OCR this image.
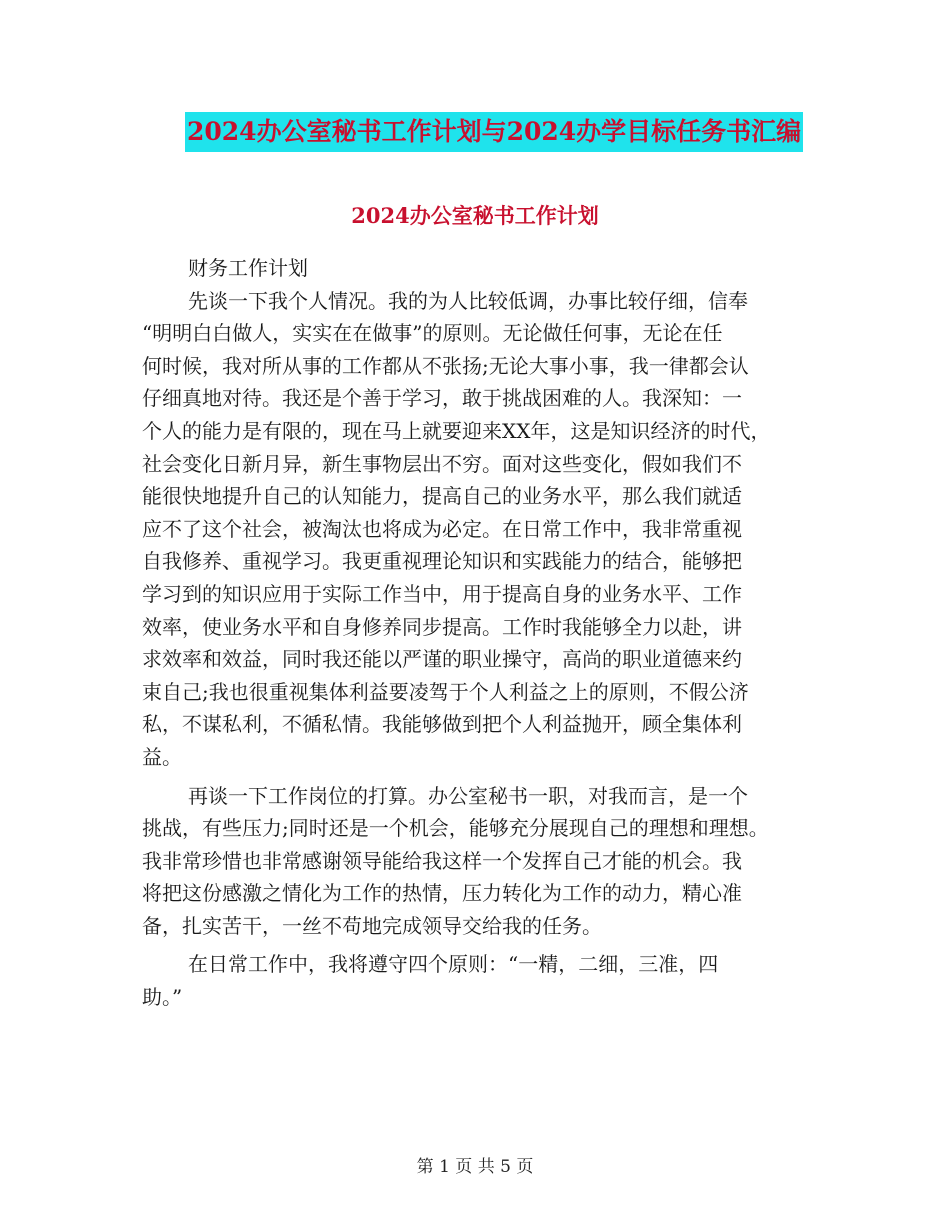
2024办公室秘书工作计划与2024办学目标任务书汇编
2024办公室秘书工作计划
财务工作计划
先谈一下我个人情况。我的为人比较低调，办事比较仔细，信奉
“明明白白做人，实实在在做事”的原则。无论做任何事，无论在任
何时候，我对所从事的工作都从不张扬;无论大事小事，我一律都会认
仔细真地对待。我还是个善于学习，敢于挑战困难的人。我深知：一
个人的能力是有限的，现在马上就要迎来XX年，这是知识经济的时代，
社会变化日新月异，新生事物层出不穷。面对这些变化，假如我们不
能很快地提升自己的认知能力，提高自己的业务水平，那么我们就适
应不了这个社会，被淘汰也将成为必定。在日常工作中，我非常重视
自我修养、重视学习。我更重视理论知识和实践能力的结合，能够把
学习到的知识应用于实际工作当中，用于提高自身的业务水平、工作
效率，使业务水平和自身修养同步提高。工作时我能够全力以赴，讲
求效率和效益，同时我还能以严谨的职业操守，高尚的职业道德来约
束自己;我也很重视集体利益要凌驾于个人利益之上的原则，不假公济
私，不谋私利，不循私情。我能够做到把个人利益抛开，顾全集体利
益。
再谈一下工作岗位的打算。办公室秘书一职，对我而言，是一个
挑战，有些压力;同时还是一个机会，能够充分展现自己的理想和理想。
我非常珍惜也非常感谢领导能给我这样一个发挥自己才能的机会。我
将把这份感激之情化为工作的热情，压力转化为工作的动力，精心准
备，扎实苦干，一丝不苟地完成领导交给我的任务。
在日常工作中，我将遵守四个原则：“一精，二细，三准，四
助。”
第 1 页 共 5 页
